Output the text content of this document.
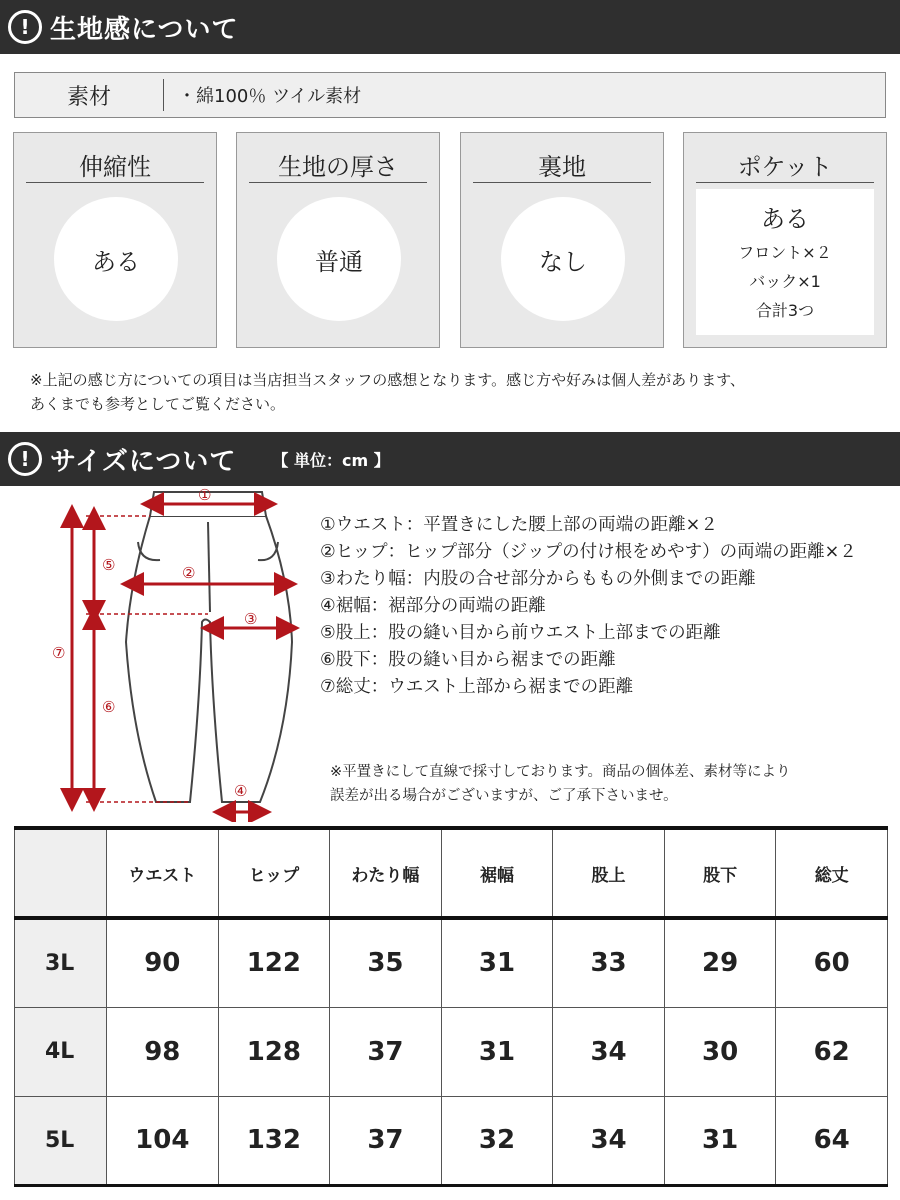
! 生地感について
素材	・綿100％ ツイル素材
伸縮性
ある
生地の厚さ
普通
裏地
なし
ポケット
ある
フロント×２
バック×1
合計3つ
※上記の感じ方についての項目は当店担当スタッフの感想となります。感じ方や好みは個人差があります、
あくまでも参考としてご覧ください。
! サイズについて 【 単位：cm 】
①
②
③
④
⑤
⑥
⑦
①ウエスト：平置きにした腰上部の両端の距離×２
②ヒップ：ヒップ部分（ジップの付け根をめやす）の両端の距離×２
③わたり幅：内股の合せ部分からももの外側までの距離
④裾幅：裾部分の両端の距離
⑤股上：股の縫い目から前ウエスト上部までの距離
⑥股下：股の縫い目から裾までの距離
⑦総丈：ウエスト上部から裾までの距離
※平置きにして直線で採寸しております。商品の個体差、素材等により
誤差が出る場合がございますが、ご了承下さいませ。
	ウエスト	ヒップ	わたり幅	裾幅	股上	股下	総丈
3L	90	122	35	31	33	29	60
4L	98	128	37	31	34	30	62
5L	104	132	37	32	34	31	64
